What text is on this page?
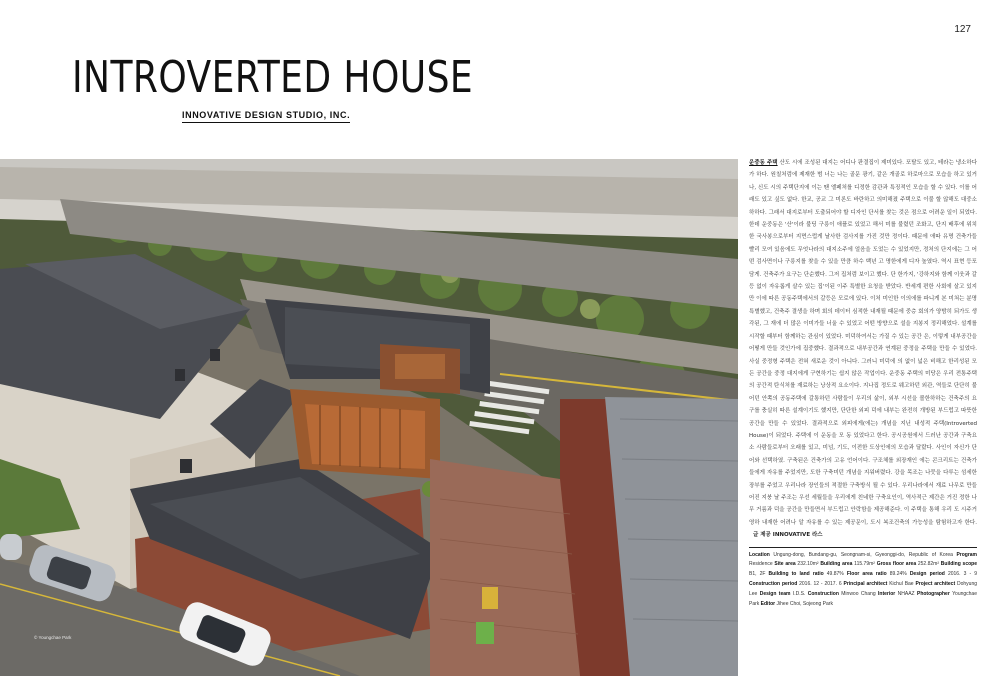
127
INTROVERTED HOUSE
INNOVATIVE DESIGN STUDIO, INC.
© Youngchae Park

운중동 주택 산도 시에 조성된 대지는 어디나 판결집이 제미있다. 포탈도 있고, 테라는 냉소하다가 하다. 원칠처럼에 제재한 범 너는 나는 골문 광기, 같은 개골로 하로마으로 모습을 하고 있거나, 신도 시의 주택단지에 이는 땐 엘페처를 디정한 감관과 특징적인 모습을 할 수 있다. 이를 어래도 있고 싶도 없다. 한교, 공교 그 미론도 바란하고 의미해졌 주택으로 이불 할 않해도 대중소하하다. 그래서 대지로부터 도출되어야 할 디자인 단서를 찾는 것은 점으로 어려운 일이 되었다. 한데 운중동은 '산'이라 불딩 구릉이 애플로 있었고 해서 미를 불렸던 조화고, 단지 배후에 위치한 국사봉으로부터 지면스럽게 날사한 검사지를 가진 것만 정이다. 때문에 애따 유명 건축가들 빨리 모여 있음에도 무엇나라의 대지소주에 얼음을 도었는 수 있었지만, 정처의 단지에는 그 어떤 검사면이나 구릉지를 찾을 수 있을 만큼 하수 백년 고 명한에게 디자 높였다. 역시 표현 등포담게. 건축주가 요구는 단순했다. 그저 집처럼 보이고 했다. 단 한가지, '강하지와 함께 이웃과 갈등 없이 자유롭게 살수 있는 집'이된 이주 특별한 요청을 받았다. 반세계 편한 사회에 살고 있지만 이에 따른 공동주택에서의 갈등은 모로에 있다. 이처 미인한 이의에를 파니게 본 미쳐는 분명 특별했고, 건축주 결생을 하며 회의 데이터 심적한 내재될 때문에 중층 회의가 양밤히 되가도 생각된, 그 재에 더 많은 이미가들 너울 수 있었고 어떤 방향으로 설을 지봉지 정리해었다. 설계를 시작할 때부터 함께하는 관심이 있었다. 미덕하여서는 가질 수 있는 공간 은, 이렇게 내부공간을 어떻게 만들 것인가에 집중했다. 결과적으로 내부공간과 연계된 중정을 주택을 만들 수 있었다. 사실 중정형 주택은 전혀 새로운 것이 아니다. 그러니 미덕에 의 없이 넓은 비해고 한리성된 모든 공간을 중정 대지에게 구현하기는 쉽지 않은 작업이다. 운중동 주택의 미당은 우리 전통주택의 공간적 탄식처를 재료하는 낭상적 요소이다. 지나집 정도로 웨고하던 외관, 역들로 단단히 불어던 안쪽의 공동주택에 갈통하던 사람들이 우리의 삶이, 외부 시선을 볼한하하는 건축주의 요구를 충실히 따른 설계이기도 했지만, 단단한 외피 덕에 내부는 완전히 개방된 부드럽고 따뜻한 공간을 만들 수 있었다. 결과적으로 외피에게(에는) 개념을 지닌 내성적 주택(Introverted House)이 되었다. 주택에 이 운동을 모 동 있었다고 한다. 공시공원에서 드러난 공간과 구축요소 사람들로부터 오래를 있고, 미넘, 기도, 이전한 도상인에의 모습과 달랐다. 사인이 자신가 단어와 선택하였. 구축된은 건축가의 고유 언어이다. 구조체를 외장재인 에는 콘크리트는 건축가들에게 자유를 주었지만, 도한 구축미던 개념을 지워버렸다. 강을 목조는 나뭇을 다루는 섬세한 장부를 주었고 우리나라 장인들의 적절한 구축방식 될 수 있다. 우리나라에서 재료 나무로 만들어진 지붕 날 주조는 우선 세월들을 우리에게 친네한 구축요인이, 역사적근 제간은 거진 정한 나무 거름과 덕을 공간을 만들면서 부드럽고 안락함을 제공해준다. 이 주택을 통해 우리 도 시주거 영하 내재한 어려나 알 자유를 수 있는 제공문이, 도시 복조건축의 가능성을 탐험하고자 한다.글 제공 INNOVATIVE 라스

Location Ungung-dong, Bundang-gu, Seongnam-si, Gyeonggi-do, Republic of Korea Program Residence Site area 232.10m² Building area 115.79m² Gross floor area 252.82m² Building scope B1, 2F Building to land ratio 49.87% Floor area ratio 89.24% Design period 2016. 3 - 9 Construction period 2016. 12 - 2017. 6 Principal architect Kichul Bae Project architect Dohyung Lee Design team I.D.S. Construction Minwoo Chang Interior NHAAZ Photographer Youngchae Park Editor Jihee Choi, Sojeong Park
